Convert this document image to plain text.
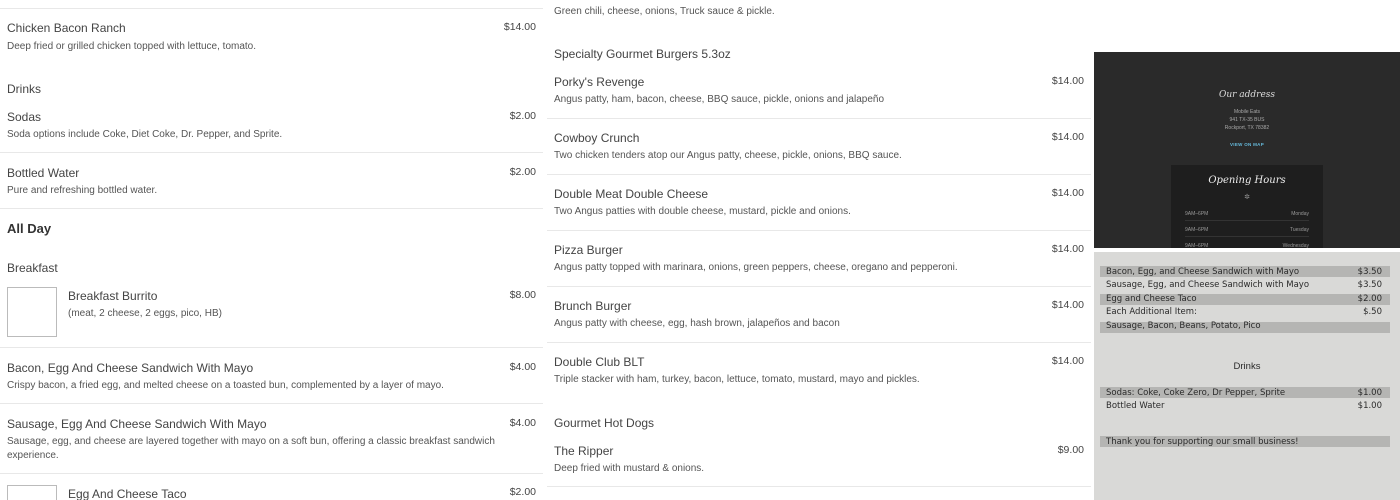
Chicken Bacon Ranch	$14.00
Deep fried or grilled chicken topped with lettuce, tomato.
Drinks
Sodas	$2.00
Soda options include Coke, Diet Coke, Dr. Pepper, and Sprite.
Bottled Water	$2.00
Pure and refreshing bottled water.
All Day
Breakfast
Breakfast Burrito	$8.00
(meat, 2 cheese, 2 eggs, pico, HB)
Bacon, Egg And Cheese Sandwich With Mayo	$4.00
Crispy bacon, a fried egg, and melted cheese on a toasted bun, complemented by a layer of mayo.
Sausage, Egg And Cheese Sandwich With Mayo	$4.00
Sausage, egg, and cheese are layered together with mayo on a soft bun, offering a classic breakfast sandwich
experience.
Egg And Cheese Taco	$2.00
Green chili, cheese, onions, Truck sauce & pickle.
Specialty Gourmet Burgers 5.3oz
Porky's Revenge	$14.00
Angus patty, ham, bacon, cheese, BBQ sauce, pickle, onions and jalapeño
Cowboy Crunch	$14.00
Two chicken tenders atop our Angus patty, cheese, pickle, onions, BBQ sauce.
Double Meat Double Cheese	$14.00
Two Angus patties with double cheese, mustard, pickle and onions.
Pizza Burger	$14.00
Angus patty topped with marinara, onions, green peppers, cheese, oregano and pepperoni.
Brunch Burger	$14.00
Angus patty with cheese, egg, hash brown, jalapeños and bacon
Double Club BLT	$14.00
Triple stacker with ham, turkey, bacon, lettuce, tomato, mustard, mayo and pickles.
Gourmet Hot Dogs
The Ripper	$9.00
Deep fried with mustard & onions.
Our address
Mobile Eats
941 TX-35 BUS
Rockport, TX 78382
VIEW ON MAP
Opening Hours
✲
9AM–6PM	Monday
9AM–6PM	Tuesday
9AM–6PM	Wednesday
Bacon, Egg, and Cheese Sandwich with Mayo	$3.50
Sausage, Egg, and Cheese Sandwich with Mayo	$3.50
Egg and Cheese Taco	$2.00
Each Additional Item:	$.50
Sausage, Bacon, Beans, Potato, Pico
Drinks
Sodas: Coke, Coke Zero, Dr Pepper, Sprite	$1.00
Bottled Water	$1.00
Thank you for supporting our small business!
